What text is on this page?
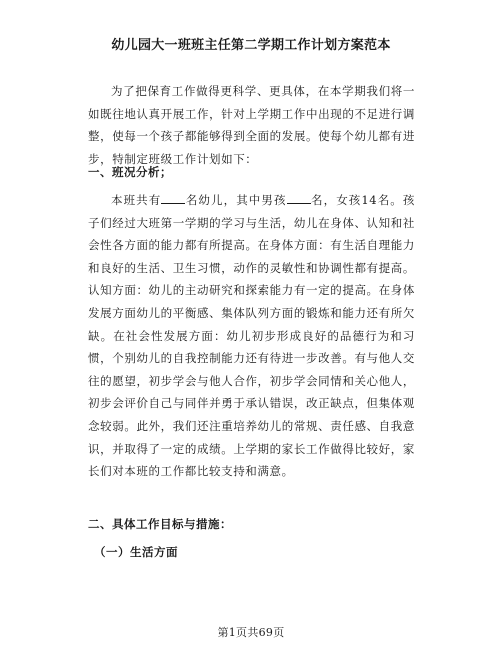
幼儿园大一班班主任第二学期工作计划方案范本

为了把保育工作做得更科学、更具体，在本学期我们将一如既往地认真开展工作，针对上学期工作中出现的不足进行调整，使每一个孩子都能够得到全面的发展。使每个幼儿都有进步，特制定班级工作计划如下：

一、班况分析；

本班共有 名幼儿，其中男孩 名，女孩14名。孩子们经过大班第一学期的学习与生活，幼儿在身体、认知和社会性各方面的能力都有所提高。在身体方面：有生活自理能力和良好的生活、卫生习惯，动作的灵敏性和协调性都有提高。认知方面：幼儿的主动研究和探索能力有一定的提高。在身体发展方面幼儿的平衡感、集体队列方面的锻炼和能力还有所欠缺。在社会性发展方面：幼儿初步形成良好的品德行为和习惯，个别幼儿的自我控制能力还有待进一步改善。有与他人交往的愿望，初步学会与他人合作，初步学会同情和关心他人，初步会评价自己与同伴并勇于承认错误，改正缺点，但集体观念较弱。此外，我们还注重培养幼儿的常规、责任感、自我意识，并取得了一定的成绩。上学期的家长工作做得比较好，家长们对本班的工作都比较支持和满意。

二、具体工作目标与措施：
（一）生活方面
第1页共69页
